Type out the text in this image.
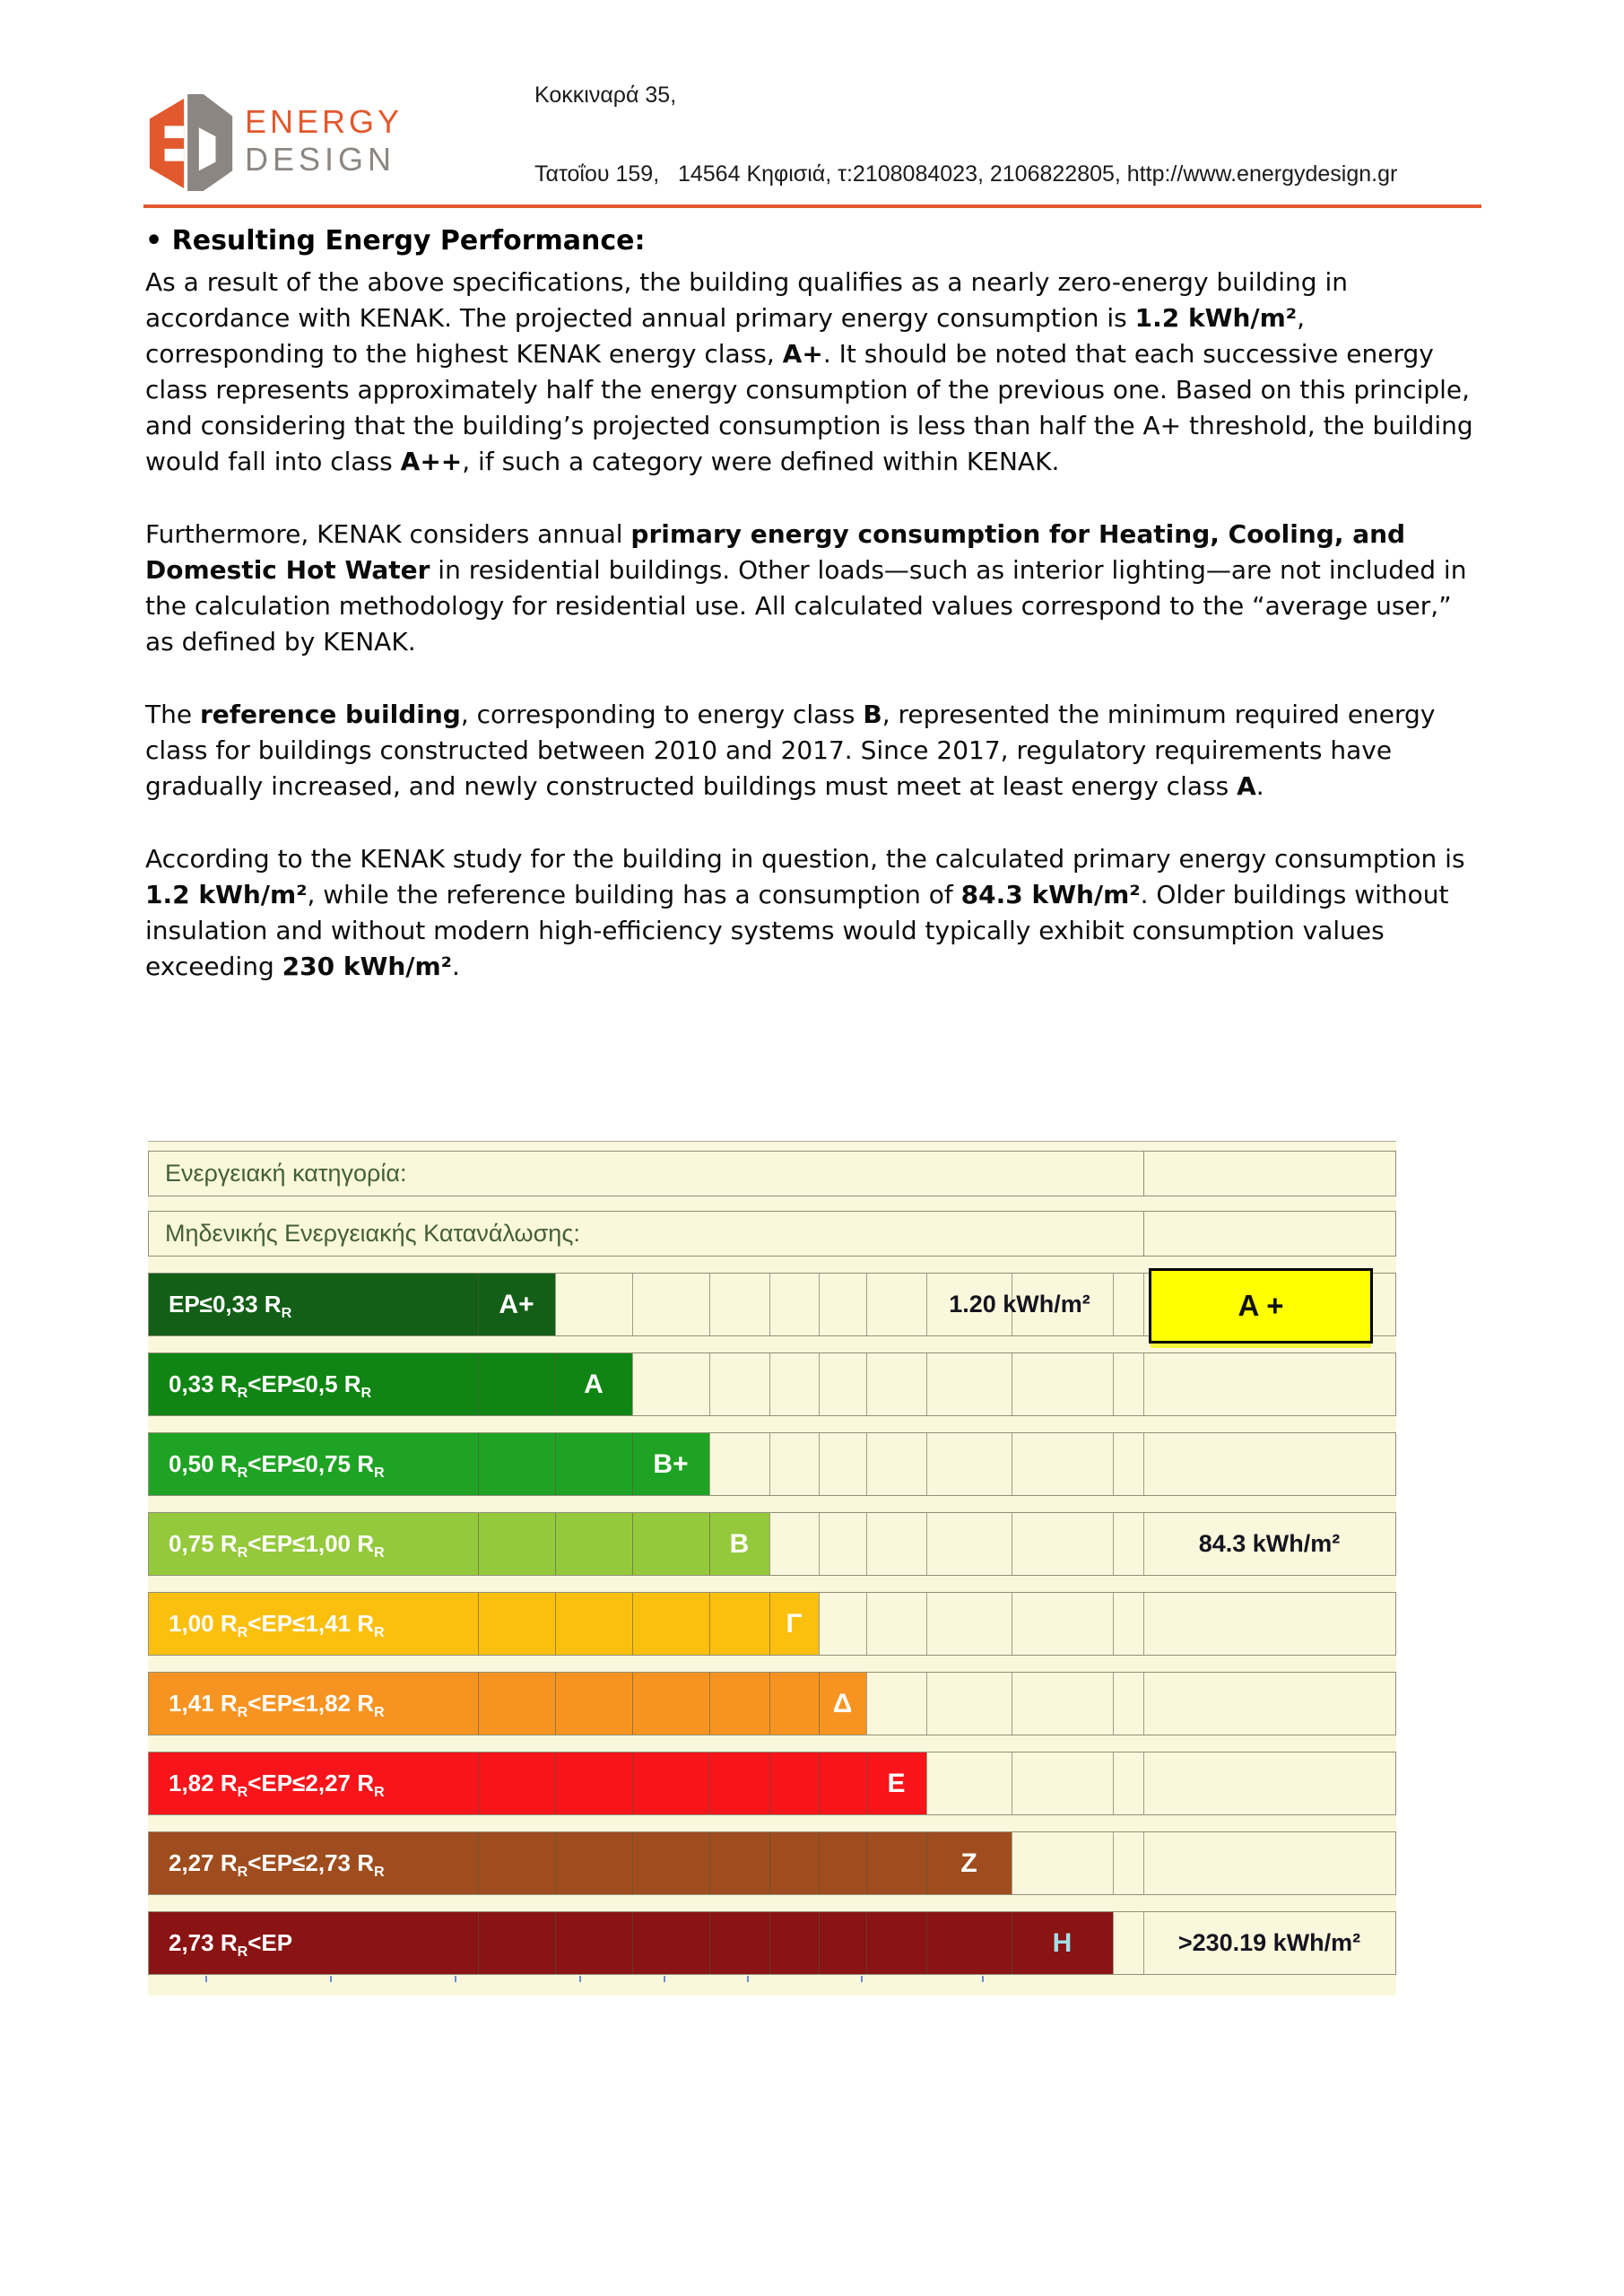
ENERGY
DESIGN
Κοκκιναρά 35,
Τατοΐου 159,   14564 Κηφισιά, τ:2108084023, 2106822805, http://www.energydesign.gr
• Resulting Energy Performance:

As a result of the above specifications, the building qualifies as a nearly zero-energy building in accordance with KENAK. The projected annual primary energy consumption is 1.2 kWh/m², corresponding to the highest KENAK energy class, A+. It should be noted that each successive energy class represents approximately half the energy consumption of the previous one. Based on this principle, and considering that the building’s projected consumption is less than half the A+ threshold, the building would fall into class A++, if such a category were defined within KENAK.

Furthermore, KENAK considers annual primary energy consumption for Heating, Cooling, and Domestic Hot Water in residential buildings. Other loads—such as interior lighting—are not included in the calculation methodology for residential use. All calculated values correspond to the “average user,” as defined by KENAK.

The reference building, corresponding to energy class B, represented the minimum required energy class for buildings constructed between 2010 and 2017. Since 2017, regulatory requirements have gradually increased, and newly constructed buildings must meet at least energy class A.

According to the KENAK study for the building in question, the calculated primary energy consumption is 1.2 kWh/m², while the reference building has a consumption of 84.3 kWh/m². Older buildings without insulation and without modern high-efficiency systems would typically exhibit consumption values exceeding 230 kWh/m².

Ενεργειακή κατηγορία:
Μηδενικής Ενεργειακής Κατανάλωσης:
EP≤0,33 $R_R$	A+	1.20 kWh/m²
0,33 $R_R<EP\le 0,5$ $R_R$	A
0,50 $R_R<EP\le 0,75$ $R_R$	B+
0,75 $R_R<EP\le 1,00$ $R_R$	B	84.3 kWh/m²
1,00 $R_R<EP\le 1,41$ $R_R$	Γ
1,41 $R_R<EP\le 1,82$ $R_R$	Δ
1,82 $R_R<EP\le 2,27$ $R_R$	E
2,27 $R_R<EP\le 2,73$ $R_R$	Z
2,73 $R_R<EP$	H	>230.19 kWh/m²
A +
